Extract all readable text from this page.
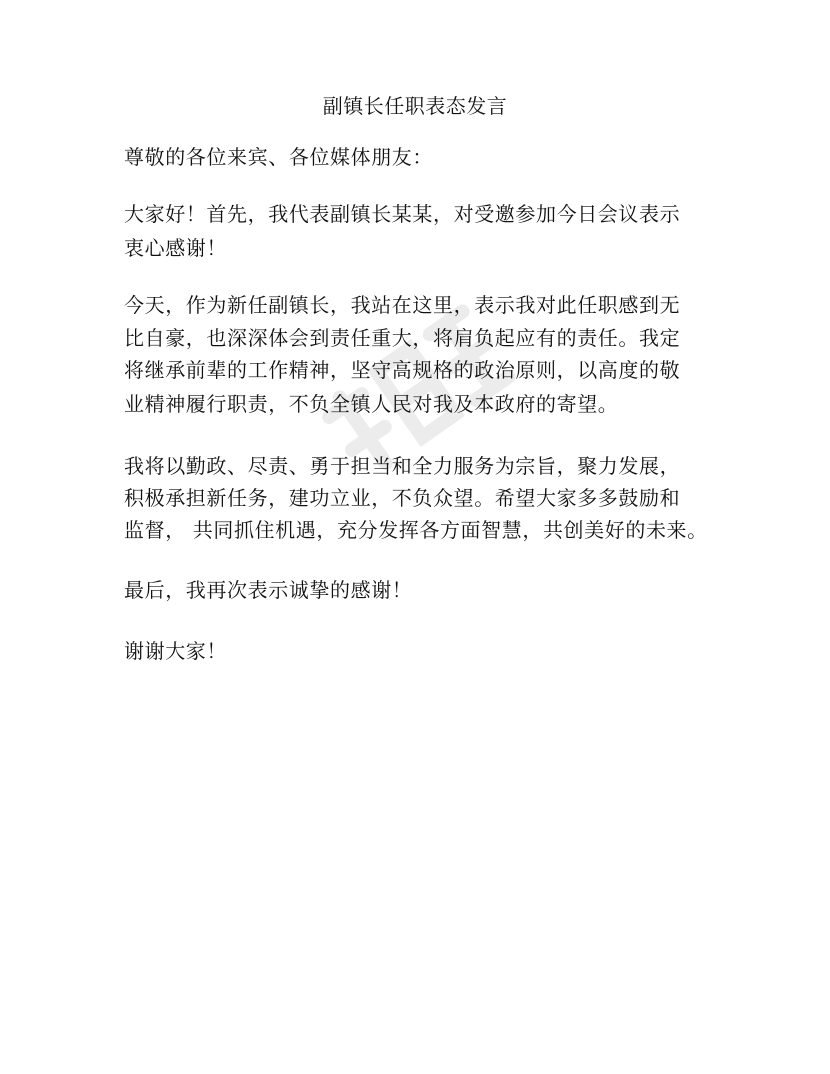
副镇长任职表态发言
尊敬的各位来宾、各位媒体朋友：
大家好！首先，我代表副镇长某某，对受邀参加今日会议表示
衷心感谢！
今天，作为新任副镇长，我站在这里，表示我对此任职感到无
比自豪，也深深体会到责任重大，将肩负起应有的责任。我定
将继承前辈的工作精神，坚守高规格的政治原则，以高度的敬
业精神履行职责，不负全镇人民对我及本政府的寄望。
我将以勤政、尽责、勇于担当和全力服务为宗旨，聚力发展，
积极承担新任务，建功立业，不负众望。希望大家多多鼓励和
监督， 共同抓住机遇，充分发挥各方面智慧，共创美好的未来。
最后，我再次表示诚挚的感谢！
谢谢大家！
